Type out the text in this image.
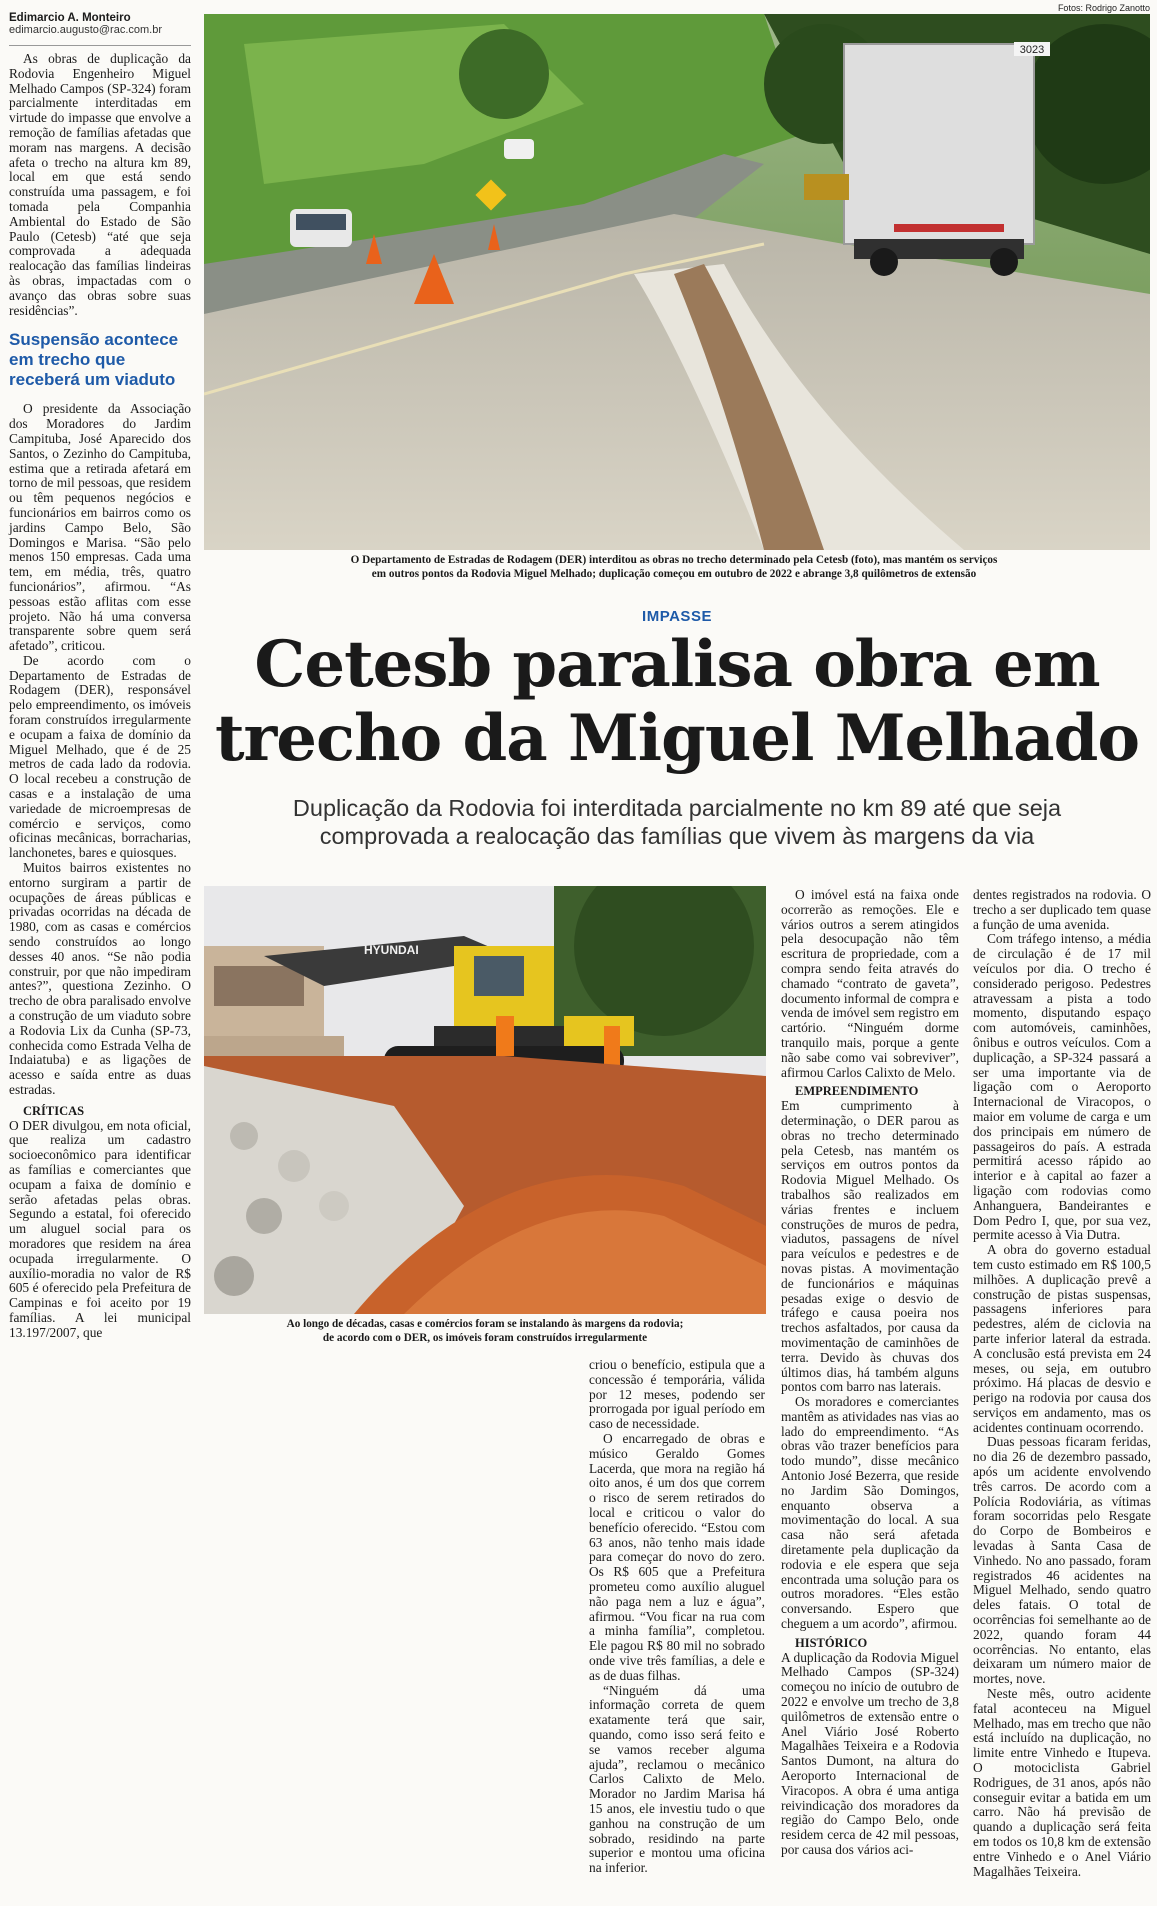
Edimarcio A. Monteiro
edimarcio.augusto@rac.com.br

As obras de duplicação da Rodovia Engenheiro Miguel Melhado Campos (SP-324) foram parcialmente interditadas em virtude do impasse que envolve a remoção de famílias afetadas que moram nas margens. A decisão afeta o trecho na altura km 89, local em que está sendo construída uma passagem, e foi tomada pela Companhia Ambiental do Estado de São Paulo (Cetesb) “até que seja comprovada a adequada realocação das famílias lindeiras às obras, impactadas com o avanço das obras sobre suas residências”.

Suspensão acontece em trecho que receberá um viaduto

O presidente da Associação dos Moradores do Jardim Campituba, José Aparecido dos Santos, o Zezinho do Campituba, estima que a retirada afetará em torno de mil pessoas, que residem ou têm pequenos negócios e funcionários em bairros como os jardins Campo Belo, São Domingos e Marisa. “São pelo menos 150 empresas. Cada uma tem, em média, três, quatro funcionários”, afirmou. “As pessoas estão aflitas com esse projeto. Não há uma conversa transparente sobre quem será afetado”, criticou.

De acordo com o Departamento de Estradas de Rodagem (DER), responsável pelo empreendimento, os imóveis foram construídos irregularmente e ocupam a faixa de domínio da Miguel Melhado, que é de 25 metros de cada lado da rodovia. O local recebeu a construção de casas e a instalação de uma variedade de microempresas de comércio e serviços, como oficinas mecânicas, borracharias, lanchonetes, bares e quiosques.

Muitos bairros existentes no entorno surgiram a partir de ocupações de áreas públicas e privadas ocorridas na década de 1980, com as casas e comércios sendo construídos ao longo desses 40 anos. “Se não podia construir, por que não impediram antes?”, questiona Zezinho. O trecho de obra paralisado envolve a construção de um viaduto sobre a Rodovia Lix da Cunha (SP-73, conhecida como Estrada Velha de Indaiatuba) e as ligações de acesso e saída entre as duas estradas.

CRÍTICAS

O DER divulgou, em nota oficial, que realiza um cadastro socioeconômico para identificar as famílias e comerciantes que ocupam a faixa de domínio e serão afetadas pelas obras. Segundo a estatal, foi oferecido um aluguel social para os moradores que residem na área ocupada irregularmente. O auxílio-moradia no valor de R$ 605 é oferecido pela Prefeitura de Campinas e foi aceito por 19 famílias. A lei municipal 13.197/2007, que

Fotos: Rodrigo Zanotto
3023
O Departamento de Estradas de Rodagem (DER) interditou as obras no trecho determinado pela Cetesb (foto), mas mantém os serviços
em outros pontos da Rodovia Miguel Melhado; duplicação começou em outubro de 2022 e abrange 3,8 quilômetros de extensão
IMPASSE
Cetesb paralisa obra em
trecho da Miguel Melhado
Duplicação da Rodovia foi interditada parcialmente no km 89 até que seja
comprovada a realocação das famílias que vivem às margens da via
HYUNDAI
Ao longo de décadas, casas e comércios foram se instalando às margens da rodovia;
de acordo com o DER, os imóveis foram construídos irregularmente

criou o benefício, estipula que a concessão é temporária, válida por 12 meses, podendo ser prorrogada por igual período em caso de necessidade.

O encarregado de obras e músico Geraldo Gomes Lacerda, que mora na região há oito anos, é um dos que correm o risco de serem retirados do local e criticou o valor do benefício oferecido. “Estou com 63 anos, não tenho mais idade para começar do novo do zero. Os R$ 605 que a Prefeitura prometeu como auxílio aluguel não paga nem a luz e água”, afirmou. “Vou ficar na rua com a minha família”, completou. Ele pagou R$ 80 mil no sobrado onde vive três famílias, a dele e as de duas filhas.

“Ninguém dá uma informação correta de quem exatamente terá que sair, quando, como isso será feito e se vamos receber alguma ajuda”, reclamou o mecânico Carlos Calixto de Melo. Morador no Jardim Marisa há 15 anos, ele investiu tudo o que ganhou na construção de um sobrado, residindo na parte superior e montou uma oficina na inferior.

O imóvel está na faixa onde ocorrerão as remoções. Ele e vários outros a serem atingidos pela desocupação não têm escritura de propriedade, com a compra sendo feita através do chamado “contrato de gaveta”, documento informal de compra e venda de imóvel sem registro em cartório. “Ninguém dorme tranquilo mais, porque a gente não sabe como vai sobreviver”, afirmou Carlos Calixto de Melo.

EMPREENDIMENTO

Em cumprimento à determinação, o DER parou as obras no trecho determinado pela Cetesb, nas mantém os serviços em outros pontos da Rodovia Miguel Melhado. Os trabalhos são realizados em várias frentes e incluem construções de muros de pedra, viadutos, passagens de nível para veículos e pedestres e de novas pistas. A movimentação de funcionários e máquinas pesadas exige o desvio de tráfego e causa poeira nos trechos asfaltados, por causa da movimentação de caminhões de terra. Devido às chuvas dos últimos dias, há também alguns pontos com barro nas laterais.

Os moradores e comerciantes mantêm as atividades nas vias ao lado do empreendimento. “As obras vão trazer benefícios para todo mundo”, disse mecânico Antonio José Bezerra, que reside no Jardim São Domingos, enquanto observa a movimentação do local. A sua casa não será afetada diretamente pela duplicação da rodovia e ele espera que seja encontrada uma solução para os outros moradores. “Eles estão conversando. Espero que cheguem a um acordo”, afirmou.

HISTÓRICO

A duplicação da Rodovia Miguel Melhado Campos (SP-324) começou no início de outubro de 2022 e envolve um trecho de 3,8 quilômetros de extensão entre o Anel Viário José Roberto Magalhães Teixeira e a Rodovia Santos Dumont, na altura do Aeroporto Internacional de Viracopos. A obra é uma antiga reivindicação dos moradores da região do Campo Belo, onde residem cerca de 42 mil pessoas, por causa dos vários aci-

dentes registrados na rodovia. O trecho a ser duplicado tem quase a função de uma avenida.

Com tráfego intenso, a média de circulação é de 17 mil veículos por dia. O trecho é considerado perigoso. Pedestres atravessam a pista a todo momento, disputando espaço com automóveis, caminhões, ônibus e outros veículos. Com a duplicação, a SP-324 passará a ser uma importante via de ligação com o Aeroporto Internacional de Viracopos, o maior em volume de carga e um dos principais em número de passageiros do país. A estrada permitirá acesso rápido ao interior e à capital ao fazer a ligação com rodovias como Anhanguera, Bandeirantes e Dom Pedro I, que, por sua vez, permite acesso à Via Dutra.

A obra do governo estadual tem custo estimado em R$ 100,5 milhões. A duplicação prevê a construção de pistas suspensas, passagens inferiores para pedestres, além de ciclovia na parte inferior lateral da estrada. A conclusão está prevista em 24 meses, ou seja, em outubro próximo. Há placas de desvio e perigo na rodovia por causa dos serviços em andamento, mas os acidentes continuam ocorrendo.

Duas pessoas ficaram feridas, no dia 26 de dezembro passado, após um acidente envolvendo três carros. De acordo com a Polícia Rodoviária, as vítimas foram socorridas pelo Resgate do Corpo de Bombeiros e levadas à Santa Casa de Vinhedo. No ano passado, foram registrados 46 acidentes na Miguel Melhado, sendo quatro deles fatais. O total de ocorrências foi semelhante ao de 2022, quando foram 44 ocorrências. No entanto, elas deixaram um número maior de mortes, nove.

Neste mês, outro acidente fatal aconteceu na Miguel Melhado, mas em trecho que não está incluído na duplicação, no limite entre Vinhedo e Itupeva. O motociclista Gabriel Rodrigues, de 31 anos, após não conseguir evitar a batida em um carro. Não há previsão de quando a duplicação será feita em todos os 10,8 km de extensão entre Vinhedo e o Anel Viário Magalhães Teixeira.
